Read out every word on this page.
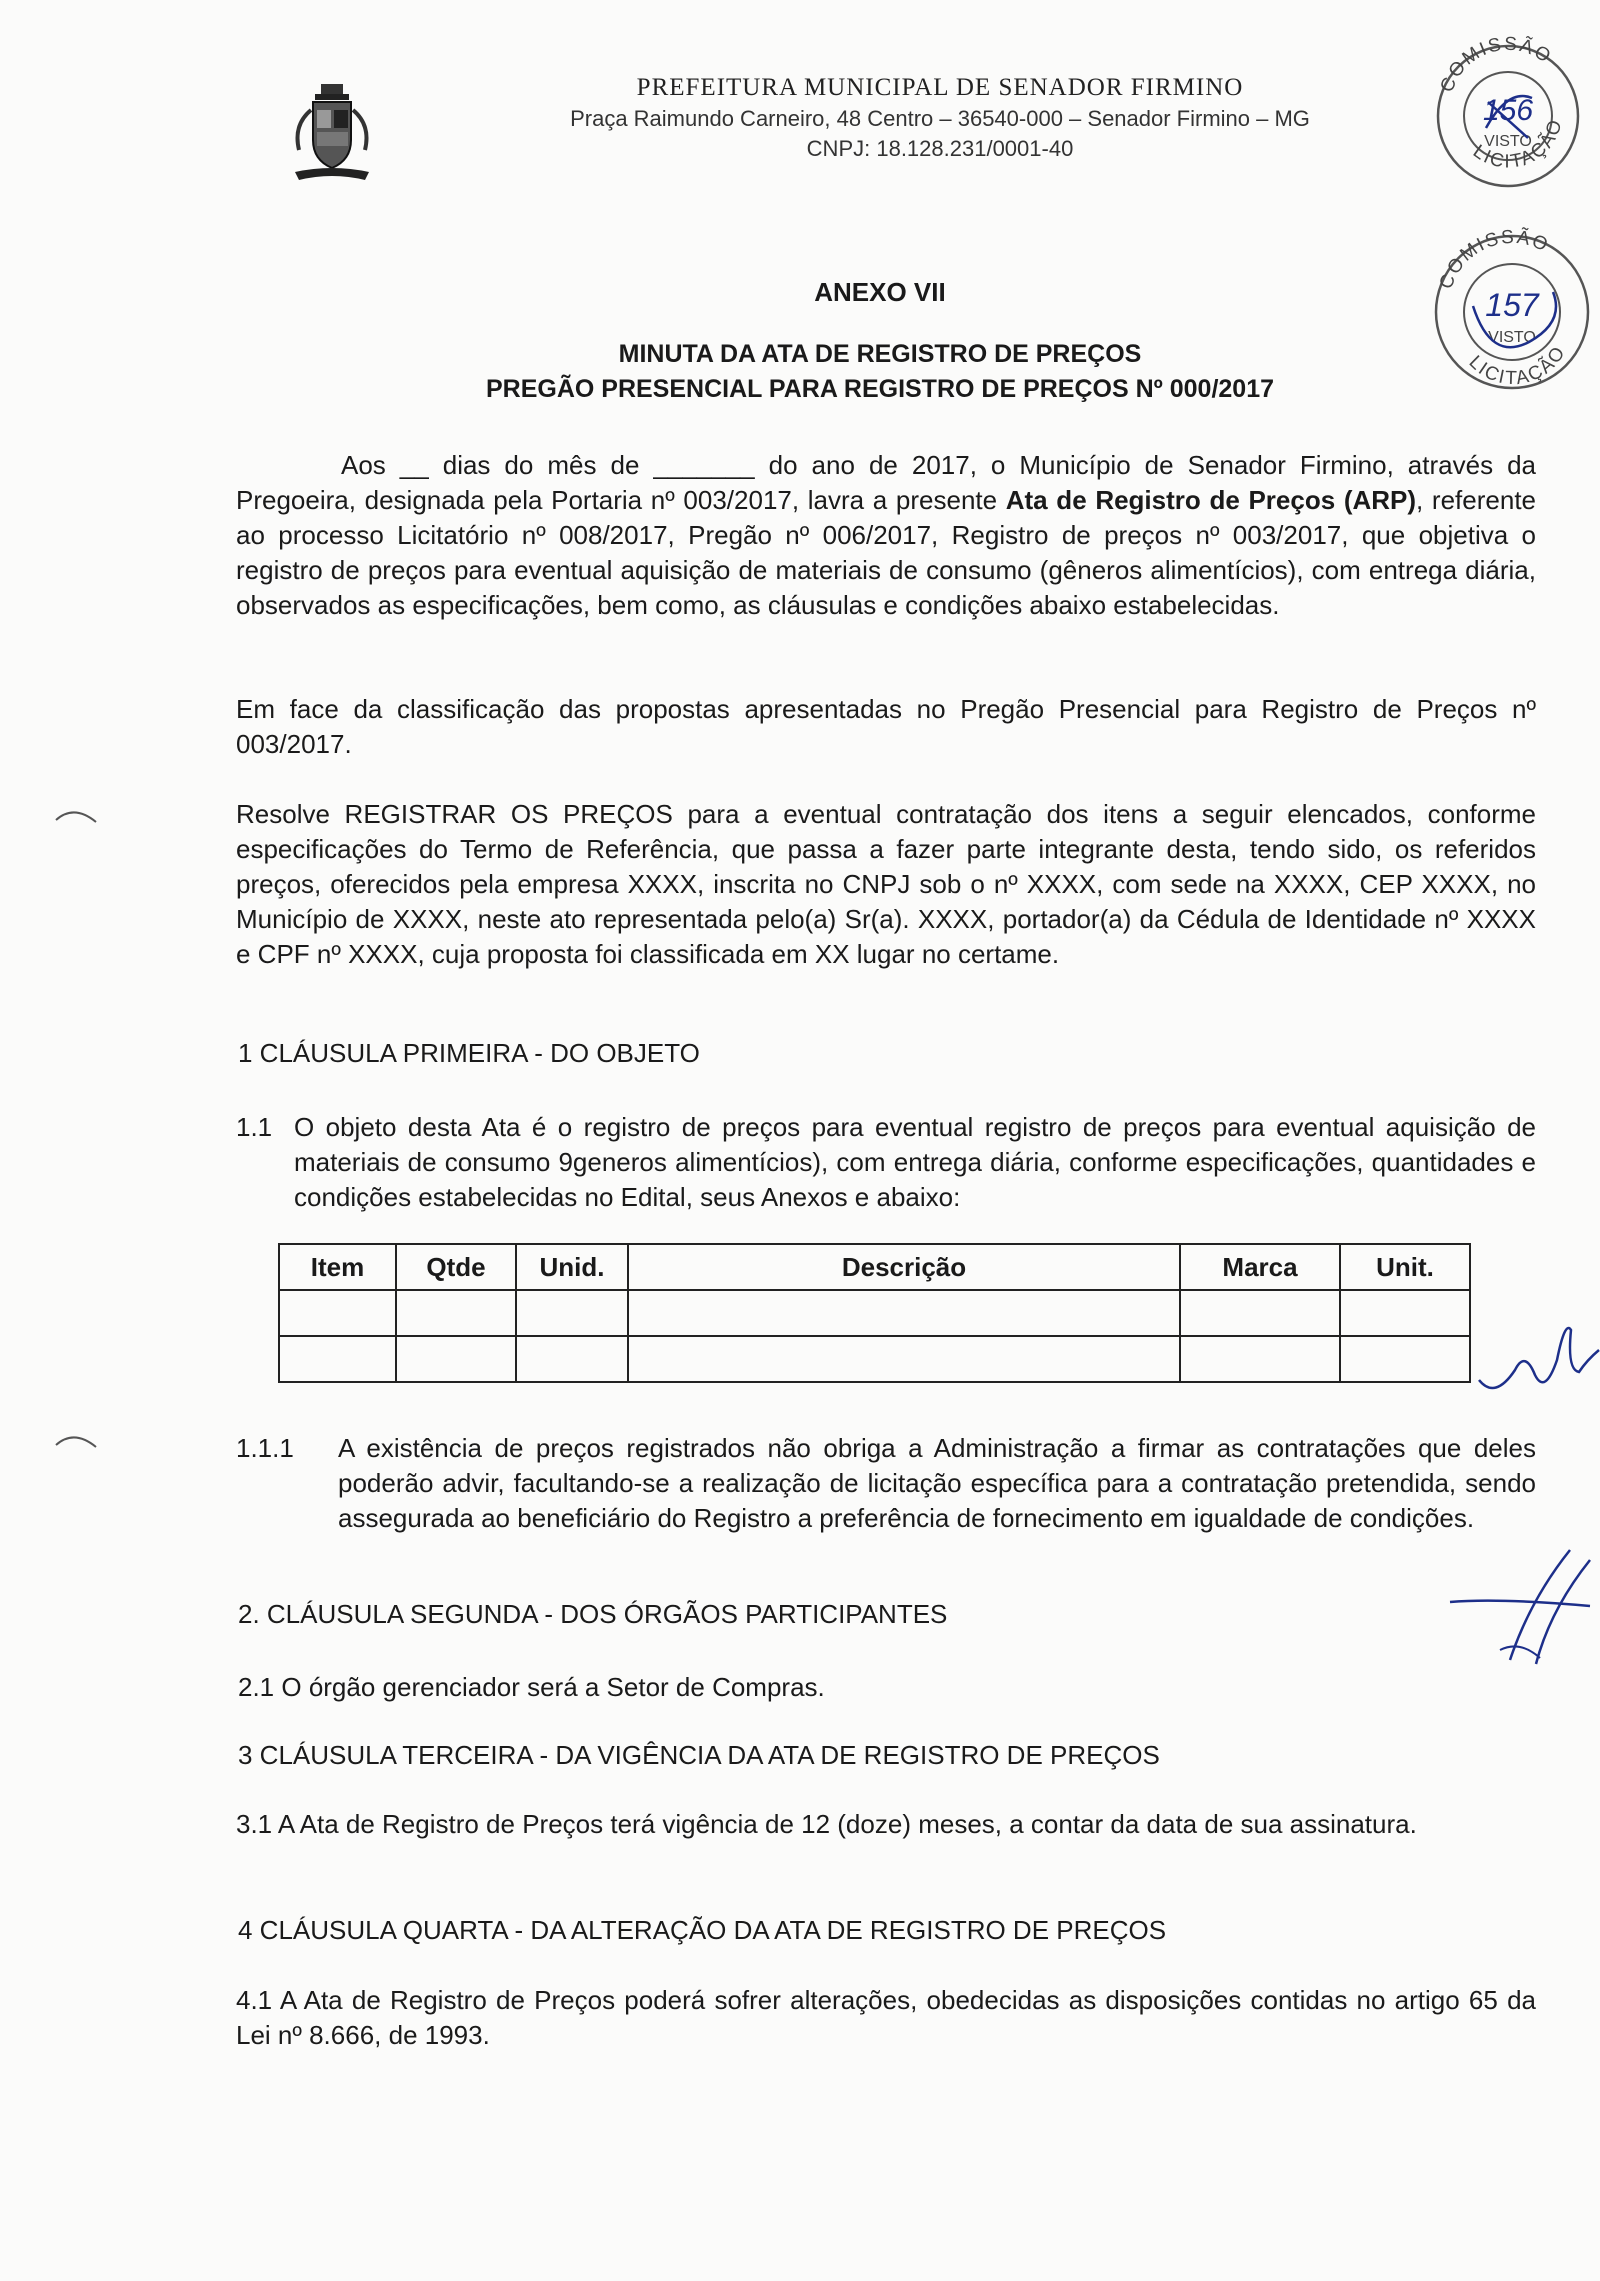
PREFEITURA MUNICIPAL DE SENADOR FIRMINO
Praça Raimundo Carneiro, 48 Centro – 36540-000 – Senador Firmino – MG
CNPJ: 18.128.231/0001-40
COMISSÃO
LICITAÇÃO
156
VISTO
COMISSÃO
LICITAÇÃO
157
VISTO
ANEXO VII
MINUTA DA ATA DE REGISTRO DE PREÇOS
PREGÃO PRESENCIAL PARA REGISTRO DE PREÇOS Nº 000/2017
Aos __ dias do mês de _______ do ano de 2017, o Município de Senador Firmino, através da Pregoeira, designada pela Portaria nº 003/2017, lavra a presente Ata de Registro de Preços (ARP), referente ao processo Licitatório nº 008/2017, Pregão nº 006/2017, Registro de preços nº 003/2017, que objetiva o registro de preços para eventual aquisição de materiais de consumo (gêneros alimentícios), com entrega diária, observados as especificações, bem como, as cláusulas e condições abaixo estabelecidas.
Em face da classificação das propostas apresentadas no Pregão Presencial para Registro de Preços nº 003/2017.
Resolve REGISTRAR OS PREÇOS para a eventual contratação dos itens a seguir elencados, conforme especificações do Termo de Referência, que passa a fazer parte integrante desta, tendo sido, os referidos preços, oferecidos pela empresa XXXX, inscrita no CNPJ sob o nº XXXX, com sede na XXXX, CEP XXXX, no Município de XXXX, neste ato representada pelo(a) Sr(a). XXXX, portador(a) da Cédula de Identidade nº XXXX e CPF nº XXXX, cuja proposta foi classificada em XX lugar no certame.
1 CLÁUSULA PRIMEIRA - DO OBJETO
1.1 O objeto desta Ata é o registro de preços para eventual registro de preços para eventual aquisição de materiais de consumo 9generos alimentícios), com entrega diária, conforme especificações, quantidades e condições estabelecidas no Edital, seus Anexos e abaixo:
Item	Qtde	Unid.	Descrição	Marca	Unit.

1.1.1 A existência de preços registrados não obriga a Administração a firmar as contratações que deles poderão advir, facultando-se a realização de licitação específica para a contratação pretendida, sendo assegurada ao beneficiário do Registro a preferência de fornecimento em igualdade de condições.
2. CLÁUSULA SEGUNDA - DOS ÓRGÃOS PARTICIPANTES
2.1 O órgão gerenciador será a Setor de Compras.
3 CLÁUSULA TERCEIRA - DA VIGÊNCIA DA ATA DE REGISTRO DE PREÇOS
3.1 A Ata de Registro de Preços terá vigência de 12 (doze) meses, a contar da data de sua assinatura.
4 CLÁUSULA QUARTA - DA ALTERAÇÃO DA ATA DE REGISTRO DE PREÇOS
4.1 A Ata de Registro de Preços poderá sofrer alterações, obedecidas as disposições contidas no artigo 65 da Lei nº 8.666, de 1993.
